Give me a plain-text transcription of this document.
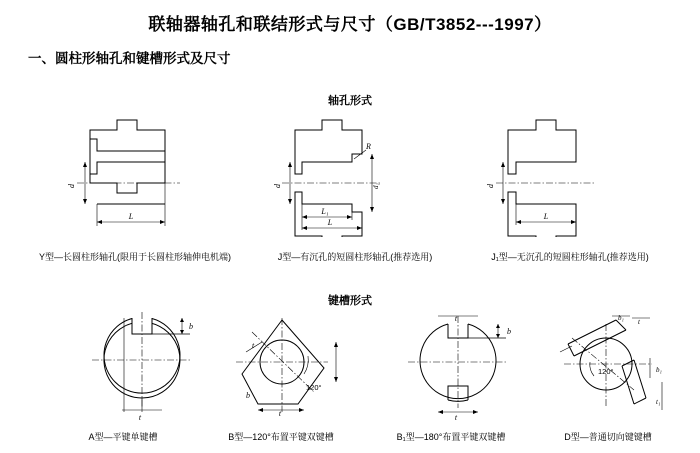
联轴器轴孔和联结形式与尺寸（GB/T3852---1997）
一、圆柱形轴孔和键槽形式及尺寸
轴孔形式
d
L
Y型—长圆柱形轴孔(限用于长圆柱形轴伸电机端)
d	d₁
R
L₁
L
J型—有沉孔的短圆柱形轴孔(推荐选用)
d
L
J₁型—无沉孔的短圆柱形轴孔(推荐选用)
键槽形式
b
t
A型—平键单键槽
120°
b
t
t
B型—120°布置平键双键槽
b
t
t
B₁型—180°布置平键双键槽
120°
b₁ t
b₁
t₁
D型—普通切向键键槽
